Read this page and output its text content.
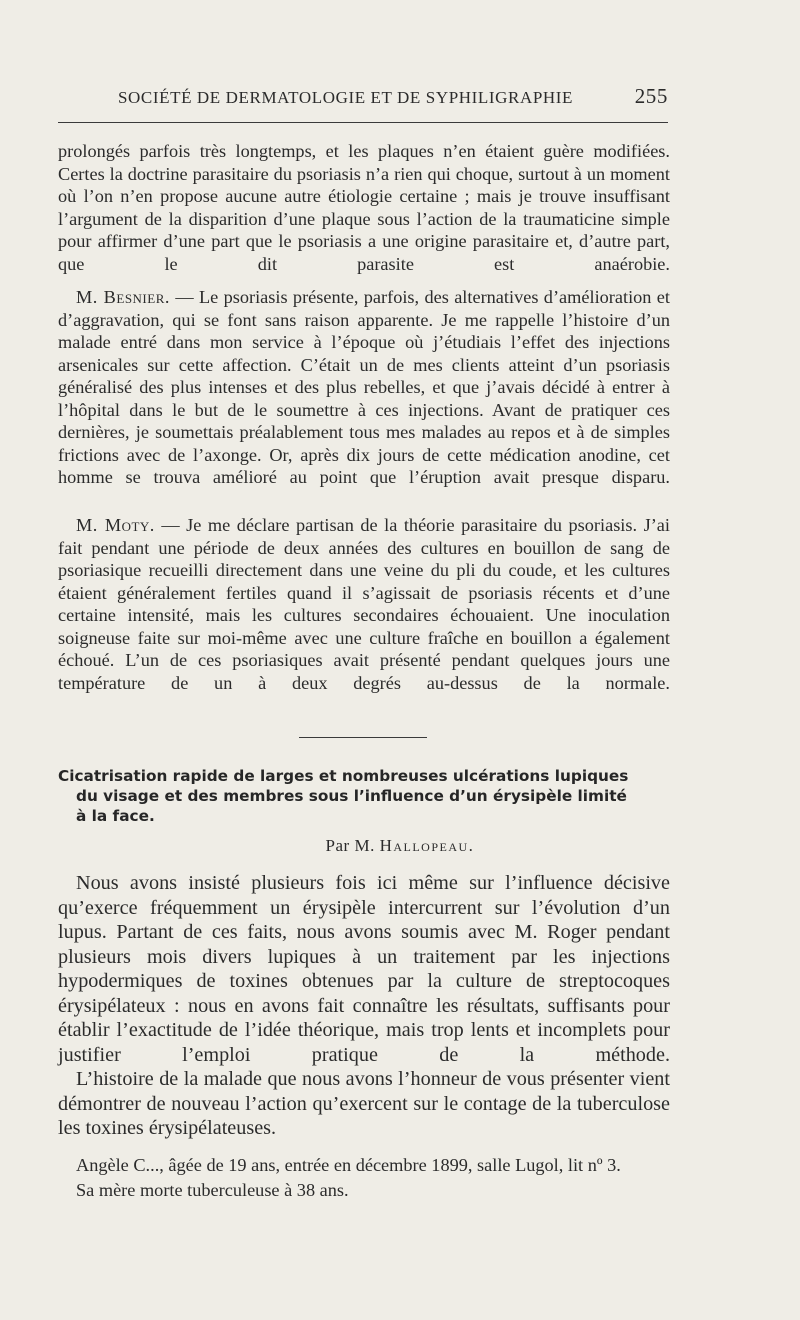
SOCIÉTÉ DE DERMATOLOGIE ET DE SYPHILIGRAPHIE	255

prolongés parfois très longtemps, et les plaques n’en étaient guère modifiées. Certes la doctrine parasitaire du psoriasis n’a rien qui choque, surtout à un moment où l’on n’en propose aucune autre étiologie certaine ; mais je trouve insuffisant l’argument de la disparition d’une plaque sous l’action de la traumaticine simple pour affirmer d’une part que le psoriasis a une origine parasitaire et, d’autre part, que le dit parasite est anaérobie.

M. Besnier. — Le psoriasis présente, parfois, des alternatives d’amélioration et d’aggravation, qui se font sans raison apparente. Je me rappelle l’histoire d’un malade entré dans mon service à l’époque où j’étudiais l’effet des injections arsenicales sur cette affection. C’était un de mes clients atteint d’un psoriasis généralisé des plus intenses et des plus rebelles, et que j’avais décidé à entrer à l’hôpital dans le but de le soumettre à ces injections. Avant de pratiquer ces dernières, je soumettais préalablement tous mes malades au repos et à de simples frictions avec de l’axonge. Or, après dix jours de cette médication anodine, cet homme se trouva amélioré au point que l’éruption avait presque disparu.

M. Moty. — Je me déclare partisan de la théorie parasitaire du psoriasis. J’ai fait pendant une période de deux années des cultures en bouillon de sang de psoriasique recueilli directement dans une veine du pli du coude, et les cultures étaient généralement fertiles quand il s’agissait de psoriasis récents et d’une certaine intensité, mais les cultures secondaires échouaient. Une inoculation soigneuse faite sur moi-même avec une culture fraîche en bouillon a également échoué. L’un de ces psoriasiques avait présenté pendant quelques jours une température de un à deux degrés au-dessus de la normale.

Cicatrisation rapide de larges et nombreuses ulcérations lupiques
du visage et des membres sous l’influence d’un érysipèle limité
à la face.
Par M. Hallopeau.

Nous avons insisté plusieurs fois ici même sur l’influence décisive qu’exerce fréquemment un érysipèle intercurrent sur l’évolution d’un lupus. Partant de ces faits, nous avons soumis avec M. Roger pendant plusieurs mois divers lupiques à un traitement par les injections hypodermiques de toxines obtenues par la culture de streptocoques érysipélateux : nous en avons fait connaître les résultats, suffisants pour établir l’exactitude de l’idée théorique, mais trop lents et incomplets pour justifier l’emploi pratique de la méthode.

L’histoire de la malade que nous avons l’honneur de vous présenter vient démontrer de nouveau l’action qu’exercent sur le contage de la tuberculose les toxines érysipélateuses.

Angèle C..., âgée de 19 ans, entrée en décembre 1899, salle Lugol, lit nº 3.

Sa mère morte tuberculeuse à 38 ans.
